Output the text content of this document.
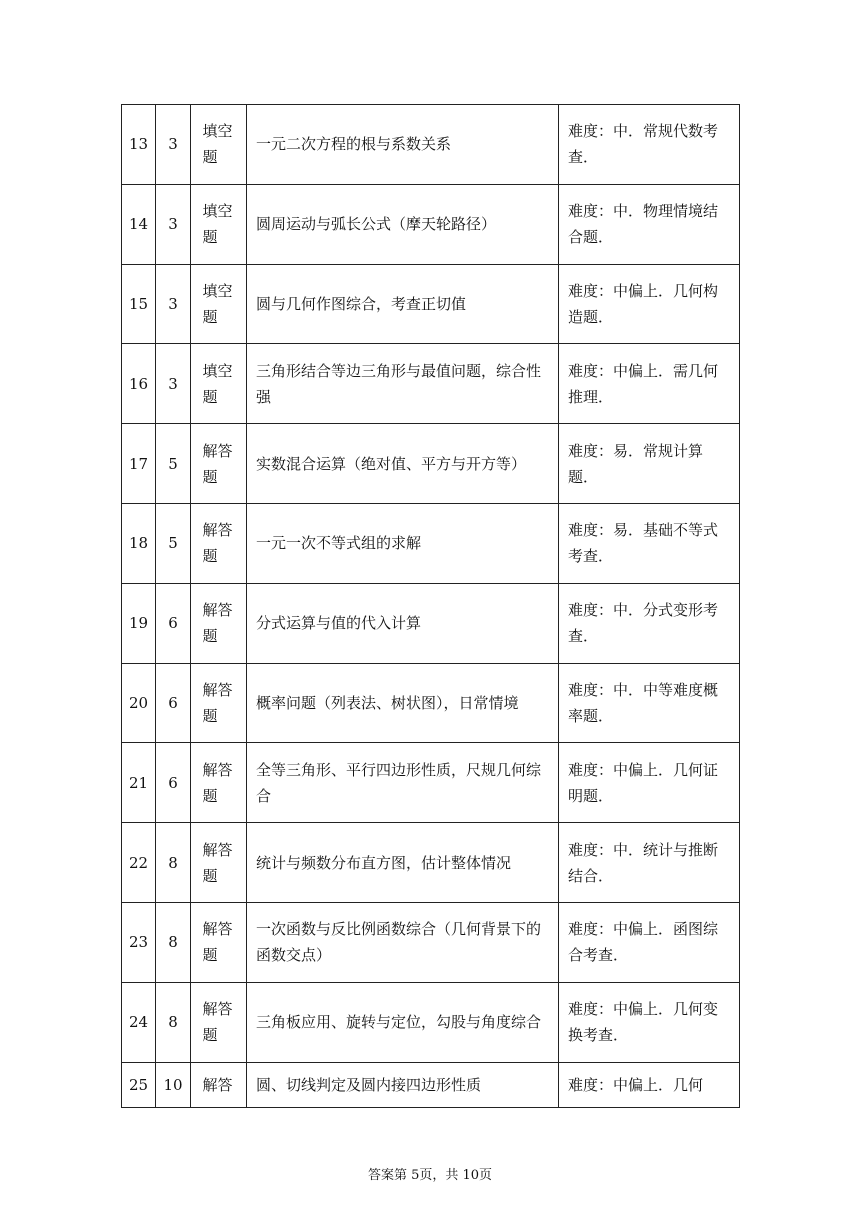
13	3	填空题	一元二次方程的根与系数关系	难度：中．常规代数考查．
14	3	填空题	圆周运动与弧长公式（摩天轮路径）	难度：中．物理情境结合题．
15	3	填空题	圆与几何作图综合，考查正切值	难度：中偏上．几何构造题．
16	3	填空题	三角形结合等边三角形与最值问题，综合性强	难度：中偏上．需几何推理．
17	5	解答题	实数混合运算（绝对值、平方与开方等）	难度：易．常规计算题．
18	5	解答题	一元一次不等式组的求解	难度：易．基础不等式考查．
19	6	解答题	分式运算与值的代入计算	难度：中．分式变形考查．
20	6	解答题	概率问题（列表法、树状图），日常情境	难度：中．中等难度概率题．
21	6	解答题	全等三角形、平行四边形性质，尺规几何综合	难度：中偏上．几何证明题．
22	8	解答题	统计与频数分布直方图，估计整体情况	难度：中．统计与推断结合．
23	8	解答题	一次函数与反比例函数综合（几何背景下的函数交点）	难度：中偏上．函图综合考查．
24	8	解答题	三角板应用、旋转与定位，勾股与角度综合	难度：中偏上．几何变换考查．
25	10	解答	圆、切线判定及圆内接四边形性质	难度：中偏上．几何
答案第 5页，共 10页
